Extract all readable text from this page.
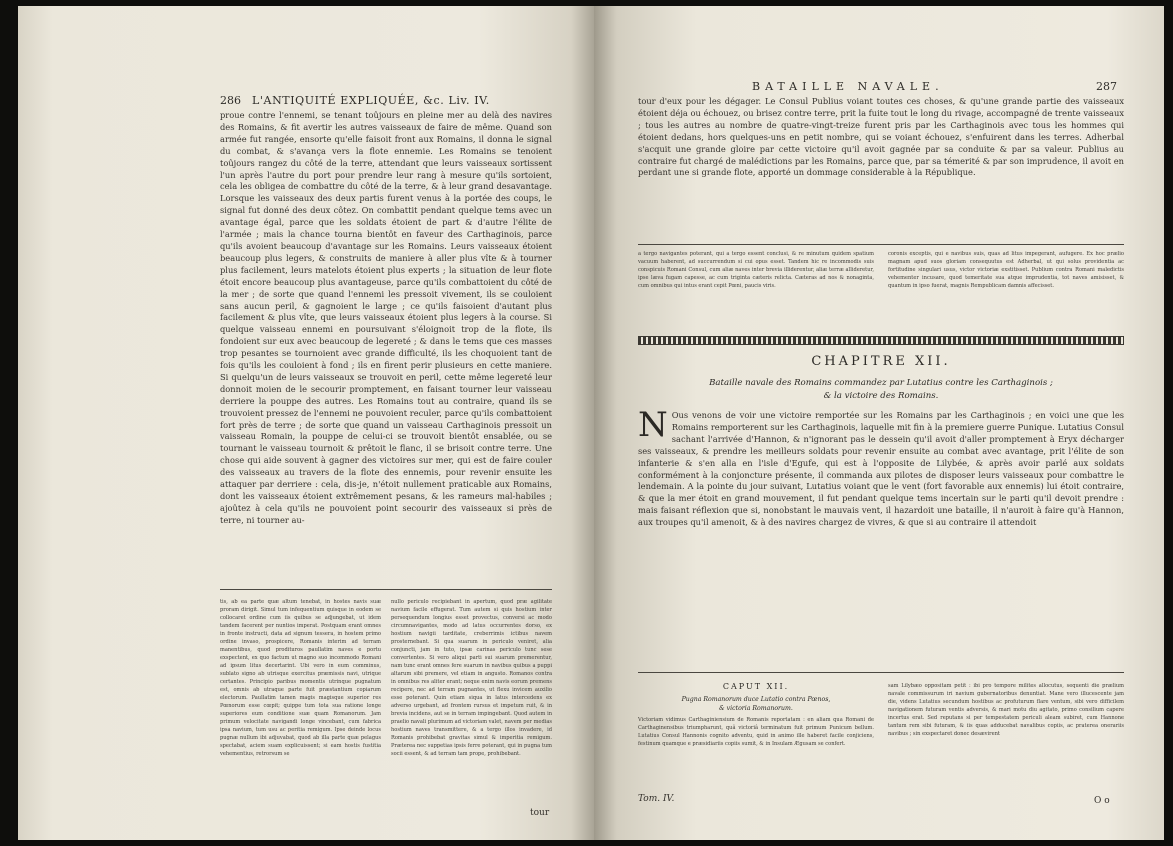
286 L'ANTIQUITÉ EXPLIQUÉE, &c. Liv. IV.
proue contre l'ennemi, se tenant toûjours en pleine mer au delà des navires des Romains, & fit avertir les autres vaisseaux de faire de même. Quand son armée fut rangée, ensorte qu'elle faisoit front aux Romains, il donna le signal du combat, & s'avança vers la flote ennemie. Les Romains se tenoient toûjours rangez du côté de la terre, attendant que leurs vaisseaux sortissent l'un après l'autre du port pour prendre leur rang à mesure qu'ils sortoient, cela les obligea de combattre du côté de la terre, & à leur grand desavantage. Lorsque les vaisseaux des deux partis furent venus à la portée des coups, le signal fut donné des deux côtez. On combattit pendant quelque tems avec un avantage égal, parce que les soldats étoient de part & d'autre l'élite de l'armée ; mais la chance tourna bientôt en faveur des Carthaginois, parce qu'ils avoient beaucoup d'avantage sur les Romains. Leurs vaisseaux étoient beaucoup plus legers, & construits de maniere à aller plus vîte & à tourner plus facilement, leurs matelots étoient plus experts ; la situation de leur flote étoit encore beaucoup plus avantageuse, parce qu'ils combattoient du côté de la mer ; de sorte que quand l'ennemi les pressoit vivement, ils se couloient sans aucun peril, & gagnoient le large ; ce qu'ils faisoient d'autant plus facilement & plus vîte, que leurs vaisseaux étoient plus legers à la course. Si quelque vaisseau ennemi en poursuivant s'éloignoit trop de la flote, ils fondoient sur eux avec beaucoup de legereté ; & dans le tems que ces masses trop pesantes se tournoient avec grande difficulté, ils les choquoient tant de fois qu'ils les couloient à fond ; ils en firent perir plusieurs en cette maniere. Si quelqu'un de leurs vaisseaux se trouvoit en peril, cette même legereté leur donnoit moien de le secourir promptement, en faisant tourner leur vaisseau derriere la pouppe des autres. Les Romains tout au contraire, quand ils se trouvoient pressez de l'ennemi ne pouvoient reculer, parce qu'ils combattoient fort près de terre ; de sorte que quand un vaisseau Carthaginois pressoit un vaisseau Romain, la pouppe de celui-ci se trouvoit bientôt ensablée, ou se tournant le vaisseau tournoit & prêtoit le flanc, il se brisoit contre terre. Une chose qui aide souvent à gagner des victoires sur mer, qui est de faire couler des vaisseaux au travers de la flote des ennemis, pour revenir ensuite les attaquer par derriere : cela, dis-je, n'étoit nullement praticable aux Romains, dont les vaisseaux étoient extrêmement pesans, & les rameurs mal-habiles ; ajoûtez à cela qu'ils ne pouvoient point secourir des vaisseaux si près de terre, ni tourner au-
tis, ab ea parte quæ altum tenebat, in hostes navis suæ proram dirigit. Simul tum infequentium quisque in eodem se collocaret ordine cum iis quibus se adjungebat, ut idem tandem facerent per nuntios imperat. Postquam erant omnes in fronte instructi, data ad signum tessera, in hostem primo ordine invaso, prospicere, Romanis interim ad terram manentibus, quod prodituros paullatim naves e portu exspectent, ex quo factum ut magno suo incommodo Romani ad ipsum litus decertarint. Ubi vero in eum comminus, sublato signo ab utrisque exercitus præmissis navi, utrique certantes. Principio paribus momentis utrinque pugnatum est, omnis ab utraque parte fuit præstantium copiarum electorum. Paullatim tamen magis magisque superior res Pœnorum esse cœpit; quippe tum tota sua ratione longe superiores eum conditione suæ quam Romanorum. Jam primum velocitate navigandi longe vincebant, cum fabrica ipsa navium, tum usu ac peritia remigum. Ipse deinde locus pugnæ nullum ibi adjuvabat, quod ab illa parte quæ pelagus spectabat, aciem suam explicuissent; si eam hostis fustitia vehementius, retrorsum se
nullo periculo recipiebant in apertum, quod præ agilitate navium facile effugerat. Tum autem si quis hostium inter persequendum longius esset provectus, conversi ac modo circumnavigantes, modo ad latus occurrentes dorso, ex hostium navigii tarditate, creberrimis ictibus navem prosternebant. Si qua suarum in periculo veniret, alia conjuncti, jam in tuto, ipsæ carinas periculo tunc sese convertentes. Si vero aliqui parti sui suarum premerentur, nam tunc erant omnes fere suarum in navibus quibus a puppi altarum sibi premere, vel etiam in angusto. Romanos contra in omnibus res aliter erant; neque enim navis eorum premens recipere, nec ad terram pugnantes, ut flexu invicem auxilio esse poterant. Quin etiam siqua in latus intercedens ex adverso urgebant, ad frontem rursus et impetum ruit, & in brevia incidens, aut se in terram impingebant. Quod autem in praelio navali plurimum ad victoriam valet, navem per medias hostium naves transmittere, & a tergo illos invadere, id Romanis prohibebat gravitas simul & imperitia remigum. Præterea nec suppetias ipsis ferre poterant, qui in pugna tum socii essent, & ad terram tam prope, prohibebant.
tour
BATAILLE NAVALE.	287
tour d'eux pour les dégager. Le Consul Publius voiant toutes ces choses, & qu'une grande partie des vaisseaux étoient déja ou échouez, ou brisez contre terre, prit la fuite tout le long du rivage, accompagné de trente vaisseaux ; tous les autres au nombre de quatre-vingt-treize furent pris par les Carthaginois avec tous les hommes qui étoient dedans, hors quelques-uns en petit nombre, qui se voiant échouez, s'enfuirent dans les terres. Adherbal s'acquit une grande gloire par cette victoire qu'il avoit gagnée par sa conduite & par sa valeur. Publius au contraire fut chargé de malédictions par les Romains, parce que, par sa témerité & par son imprudence, il avoit en perdant une si grande flote, apporté un dommage considerable à la République.
a tergo navigantes poterant, qui a tergo essent conclusi, & re minutum quidem spatium vacuum haberent, ad succurrendum si cui opus esset. Tandem hic re incommodis suis conspicuis Romani Consul, cum aliæ naves inter brevia illiderentur, aliæ terræ allideretur, ipse læva fugam capesse, ac cum triginta cæteris relicta. Cæteras ad nos & nonaginta, cum omnibus qui intus erant cepit Pœni, paucis viris.
coronis exceptis, qui e navibus suis, quas ad litus impegerant, aufugere. Ex hoc prælio magnam apud suos gloriam consequutus est Adherbal, ut qui solus providentia ac fortitudine singulari usus, victor victoriæ exstitisset. Publium contra Romani maledictis vehementer incusare, quod temeritate sua atque imprudentia, tot naves amisisset, & quantum in ipso fuerat, magnis Rempublicam damnis affecisset.
CHAPITRE XII.
Bataille navale des Romains commandez par Lutatius contre les Carthaginois ;
& la victoire des Romains.
N Ous venons de voir une victoire remportée sur les Romains par les Carthaginois ; en voici une que les Romains remporterent sur les Carthaginois, laquelle mit fin à la premiere guerre Punique. Lutatius Consul sachant l'arrivée d'Hannon, & n'ignorant pas le dessein qu'il avoit d'aller promptement à Eryx décharger ses vaisseaux, & prendre les meilleurs soldats pour revenir ensuite au combat avec avantage, prit l'élite de son infanterie & s'en alla en l'isle d'Egufe, qui est à l'opposite de Lilybée, & après avoir parlé aux soldats conformément à la conjoncture présente, il commanda aux pilotes de disposer leurs vaisseaux pour combattre le lendemain. A la pointe du jour suivant, Lutatius voiant que le vent (fort favorable aux ennemis) lui étoit contraire, & que la mer étoit en grand mouvement, il fut pendant quelque tems incertain sur le parti qu'il devoit prendre : mais faisant réflexion que si, nonobstant le mauvais vent, il hazardoit une bataille, il n'auroit à faire qu'à Hannon, aux troupes qu'il amenoit, & à des navires chargez de vivres, & que si au contraire il attendoit
CAPUT XII.
Pugna Romanorum duce Lutatio contra Pœnos,
& victoria Romanorum.
Victoriam vidimus Carthaginiensium de Romanis reportatam : en aliam qua Romani de Carthaginensibus triumpharunt, quâ victoriâ terminatum fuit primum Punicum bellum. Lutatius Consul Hannonis cognito adventu, quid in animo ille haberet facile conjiciens, festinum quamque e præsidiariis copiis sumit, & in Insulam Ægusam se confert.
Tom. IV.
sam Lilybæo oppositam petit : ibi pro tempore milites allocutus, sequenti die prælium navale commissurum iri navium gubernatoribus denuntiat. Mane vero illucescente jam die, videns Lutatius secundum hostibus ac profuturum flare ventum, sibi vero difficilem navigationem futuram ventis adversis, & mari motu diu agitato, primo consilium capere incertus erat. Sed reputans si per tempestatem periculi aleam subiret, cum Hannone tantum rem sibi futuram, & iis quas adducebat navalibus copiis, ac praterea onerariis navibus ; sin exspectaret donec desævirent
O o
